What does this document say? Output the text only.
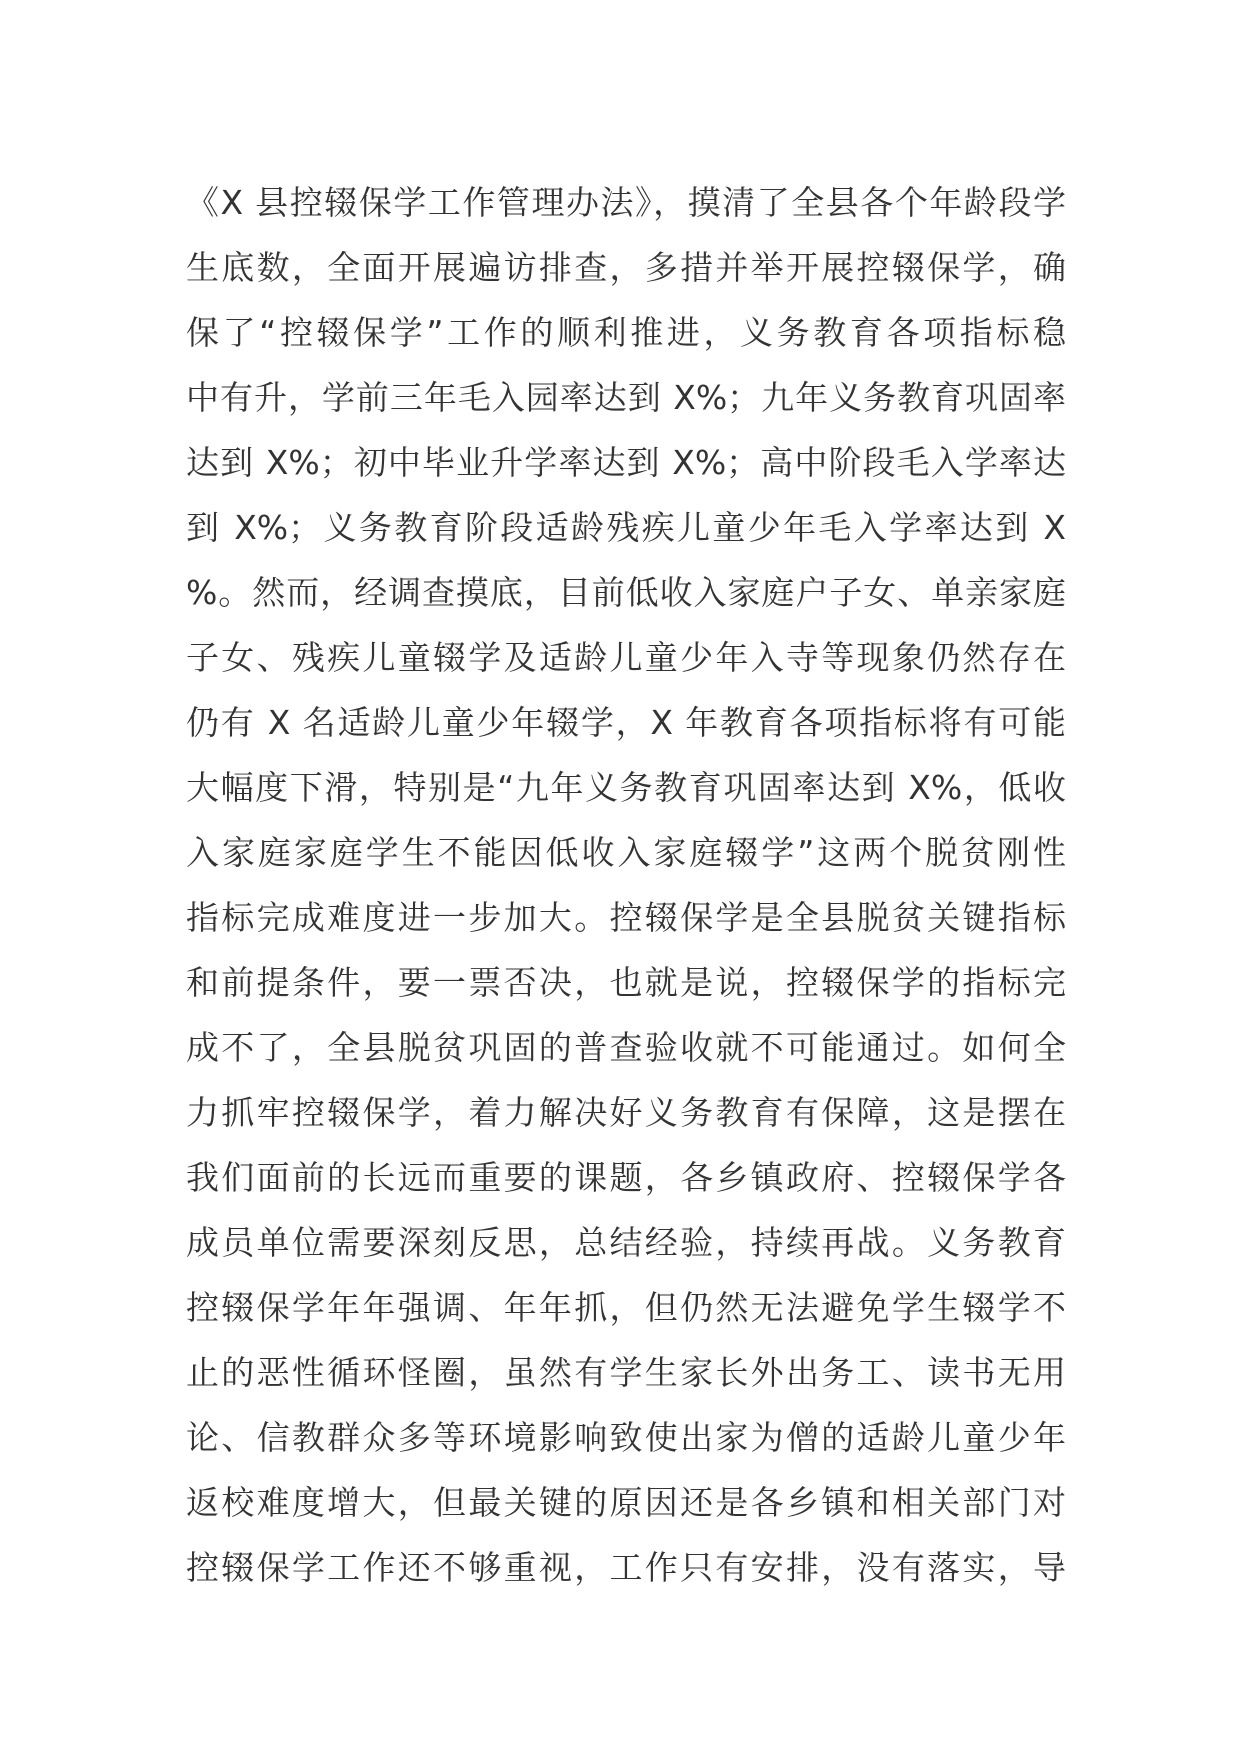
《X 县控辍保学工作管理办法》，摸清了全县各个年龄段学
生底数，全面开展遍访排查，多措并举开展控辍保学，确
保了“控辍保学”工作的顺利推进，义务教育各项指标稳
中有升，学前三年毛入园率达到 X%；九年义务教育巩固率
达到 X%；初中毕业升学率达到 X%；高中阶段毛入学率达
到 X%；义务教育阶段适龄残疾儿童少年毛入学率达到 X
%。然而，经调查摸底，目前低收入家庭户子女、单亲家庭
子女、残疾儿童辍学及适龄儿童少年入寺等现象仍然存在
仍有 X 名适龄儿童少年辍学，X 年教育各项指标将有可能
大幅度下滑，特别是“九年义务教育巩固率达到 X%，低收
入家庭家庭学生不能因低收入家庭辍学”这两个脱贫刚性
指标完成难度进一步加大。控辍保学是全县脱贫关键指标
和前提条件，要一票否决，也就是说，控辍保学的指标完
成不了，全县脱贫巩固的普查验收就不可能通过。如何全
力抓牢控辍保学，着力解决好义务教育有保障，这是摆在
我们面前的长远而重要的课题，各乡镇政府、控辍保学各
成员单位需要深刻反思，总结经验，持续再战。义务教育
控辍保学年年强调、年年抓，但仍然无法避免学生辍学不
止的恶性循环怪圈，虽然有学生家长外出务工、读书无用
论、信教群众多等环境影响致使出家为僧的适龄儿童少年
返校难度增大，但最关键的原因还是各乡镇和相关部门对
控辍保学工作还不够重视，工作只有安排，没有落实，导
